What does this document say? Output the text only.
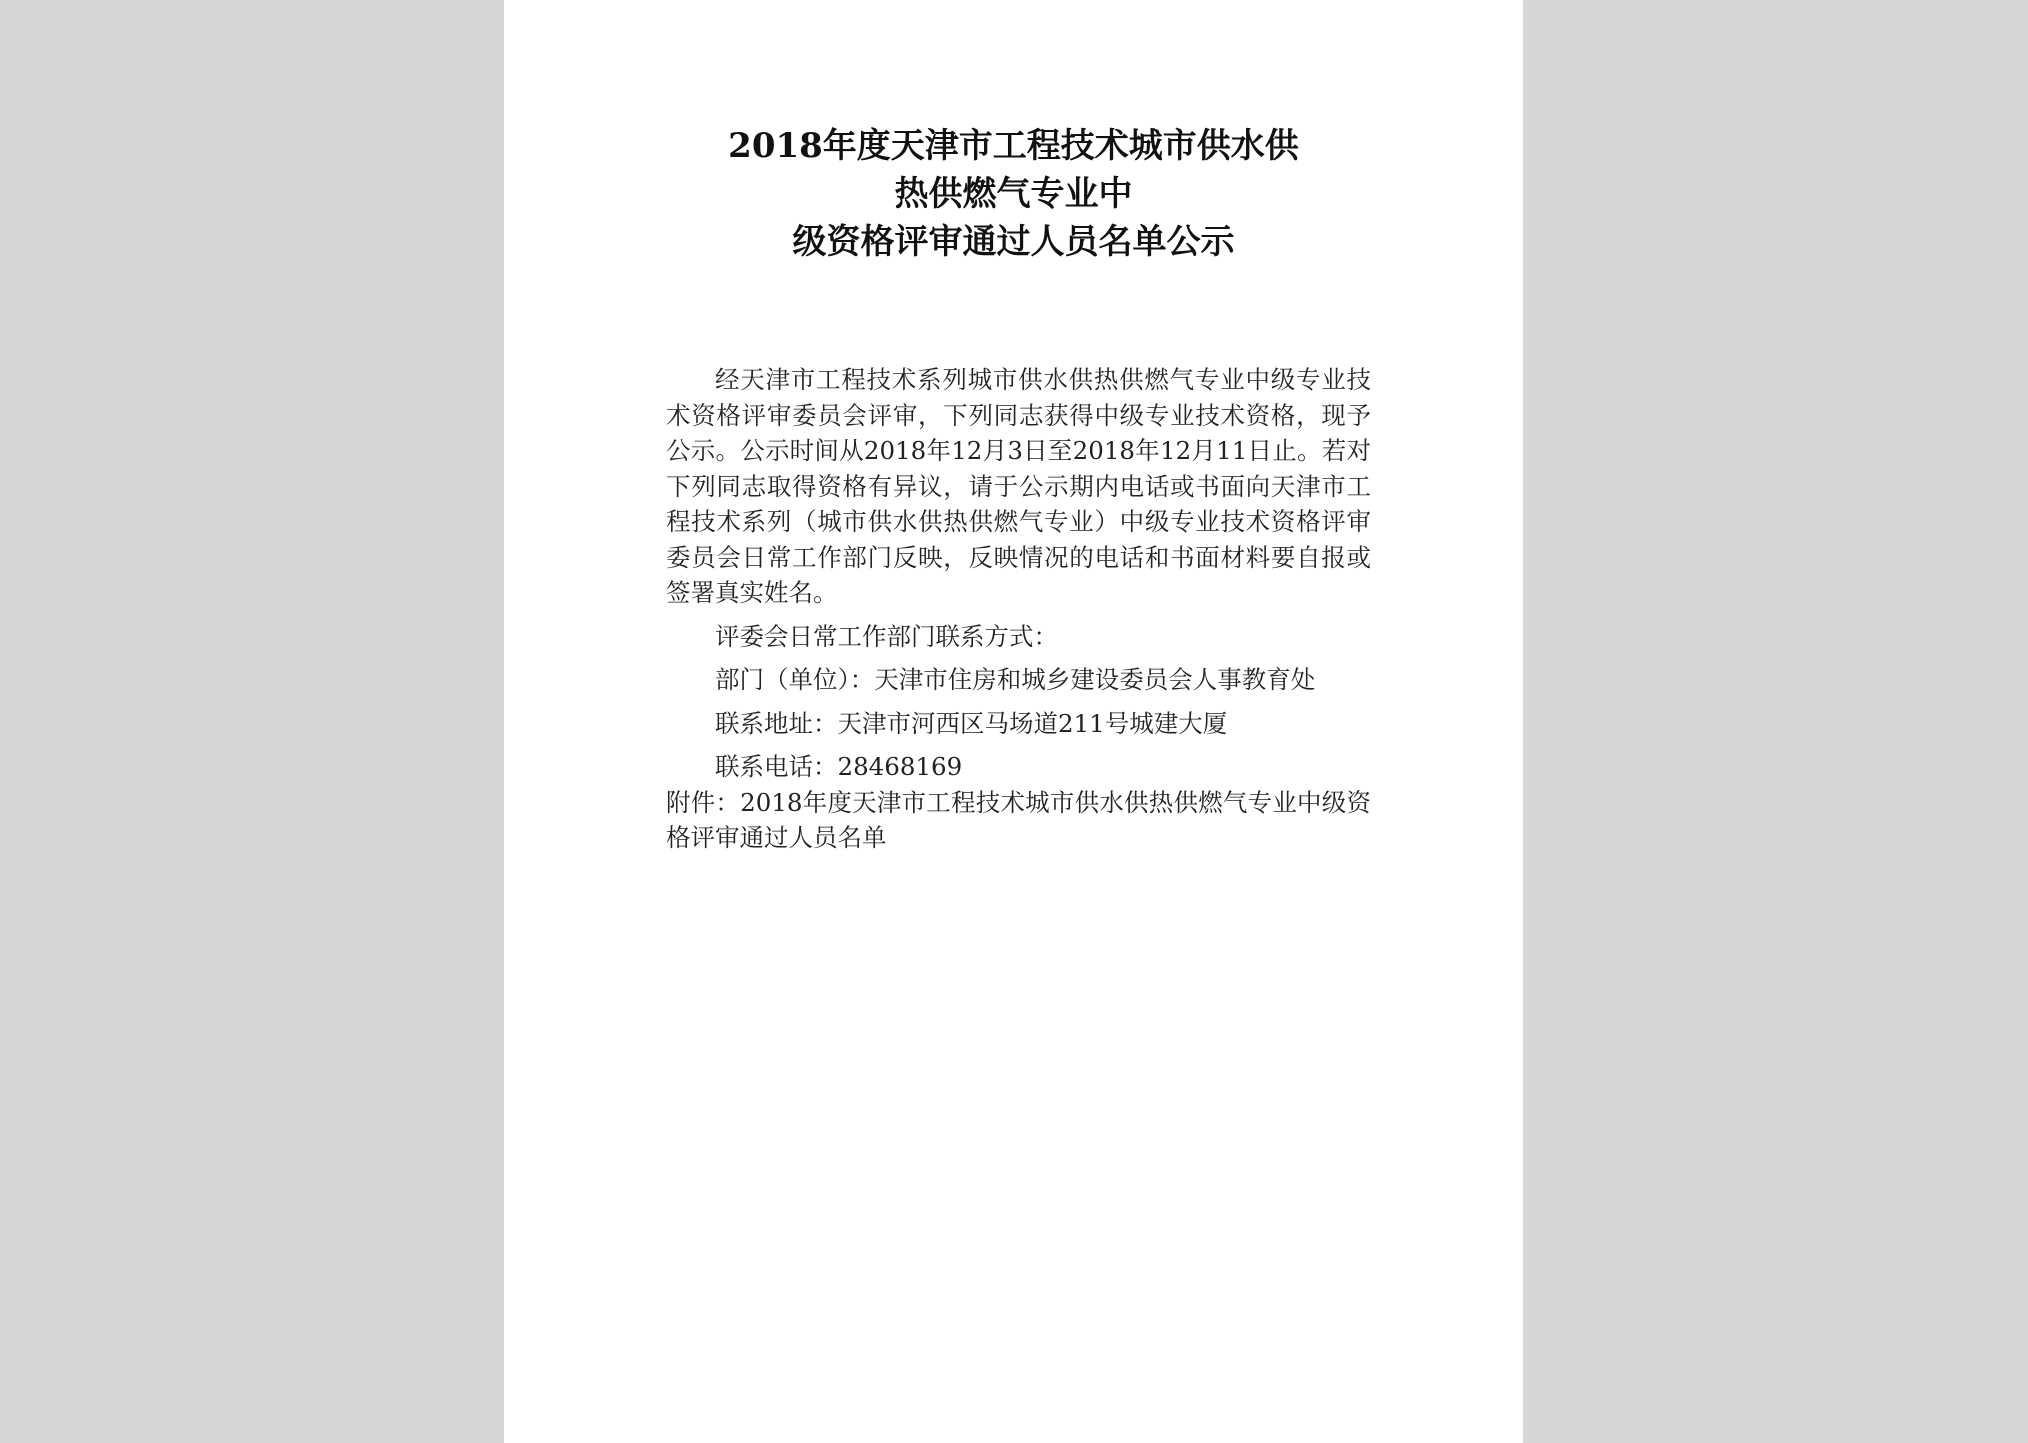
2018年度天津市工程技术城市供水供
热供燃气专业中
级资格评审通过人员名单公示

经天津市工程技术系列城市供水供热供燃气专业中级专业技术资格评审委员会评审，下列同志获得中级专业技术资格，现予公示。公示时间从2018年12月3日至2018年12月11日止。若对下列同志取得资格有异议，请于公示期内电话或书面向天津市工程技术系列（城市供水供热供燃气专业）中级专业技术资格评审委员会日常工作部门反映，反映情况的电话和书面材料要自报或签署真实姓名。

评委会日常工作部门联系方式：

部门（单位）：天津市住房和城乡建设委员会人事教育处

联系地址：天津市河西区马场道211号城建大厦

联系电话：28468169

附件：2018年度天津市工程技术城市供水供热供燃气专业中级资格评审通过人员名单
